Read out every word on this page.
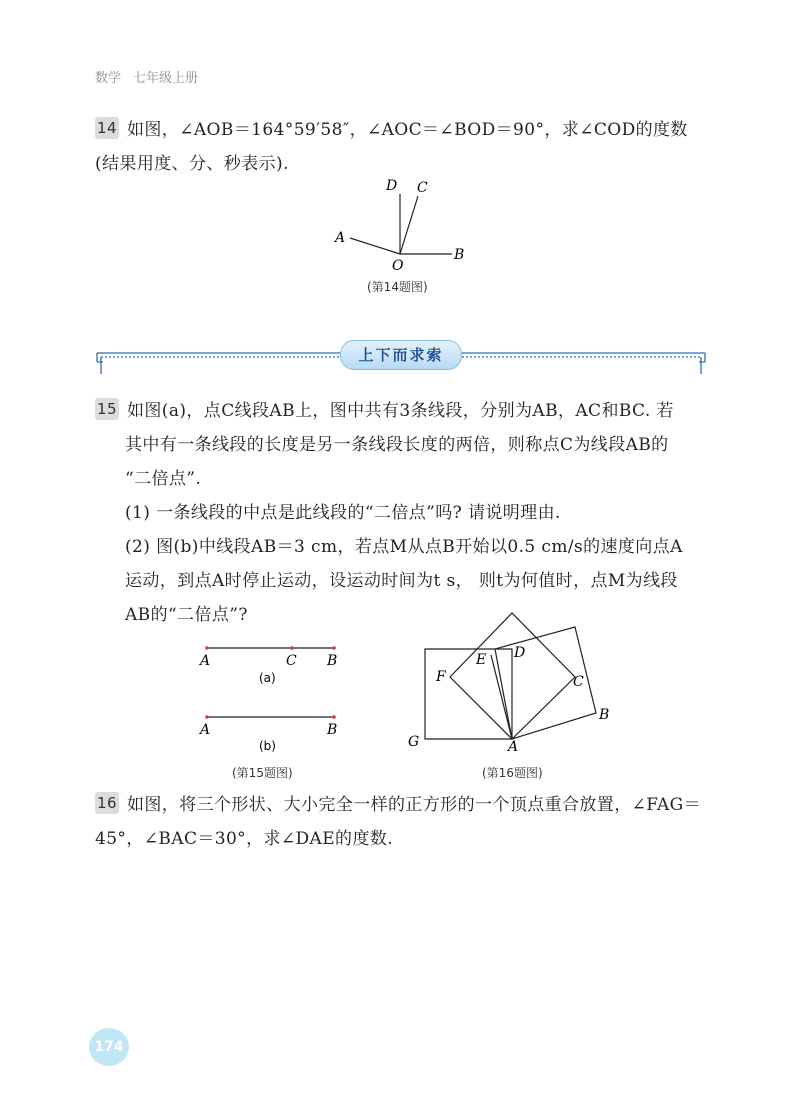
数学 七年级上册
14 如图，∠AOB＝164°59′58″，∠AOC＝∠BOD＝90°，求∠COD的度数
(结果用度、分、秒表示).
A
B
C
D
O
(第14题图)
上下而求索
15 如图(a)，点C线段AB上，图中共有3条线段，分别为AB，AC和BC. 若
其中有一条线段的长度是另一条线段长度的两倍，则称点C为线段AB的
“二倍点”.
(1) 一条线段的中点是此线段的“二倍点”吗? 请说明理由.
(2) 图(b)中线段AB＝3 cm，若点M从点B开始以0.5 cm/s的速度向点A
运动，到点A时停止运动，设运动时间为t s， 则t为何值时，点M为线段
AB的“二倍点”?
A	C B
(a)
A	B
(b)
(第15题图)
A
B
C
D
E
F
G
(第16题图)
16 如图，将三个形状、大小完全一样的正方形的一个顶点重合放置，∠FAG＝
45°，∠BAC＝30°，求∠DAE的度数.
174
